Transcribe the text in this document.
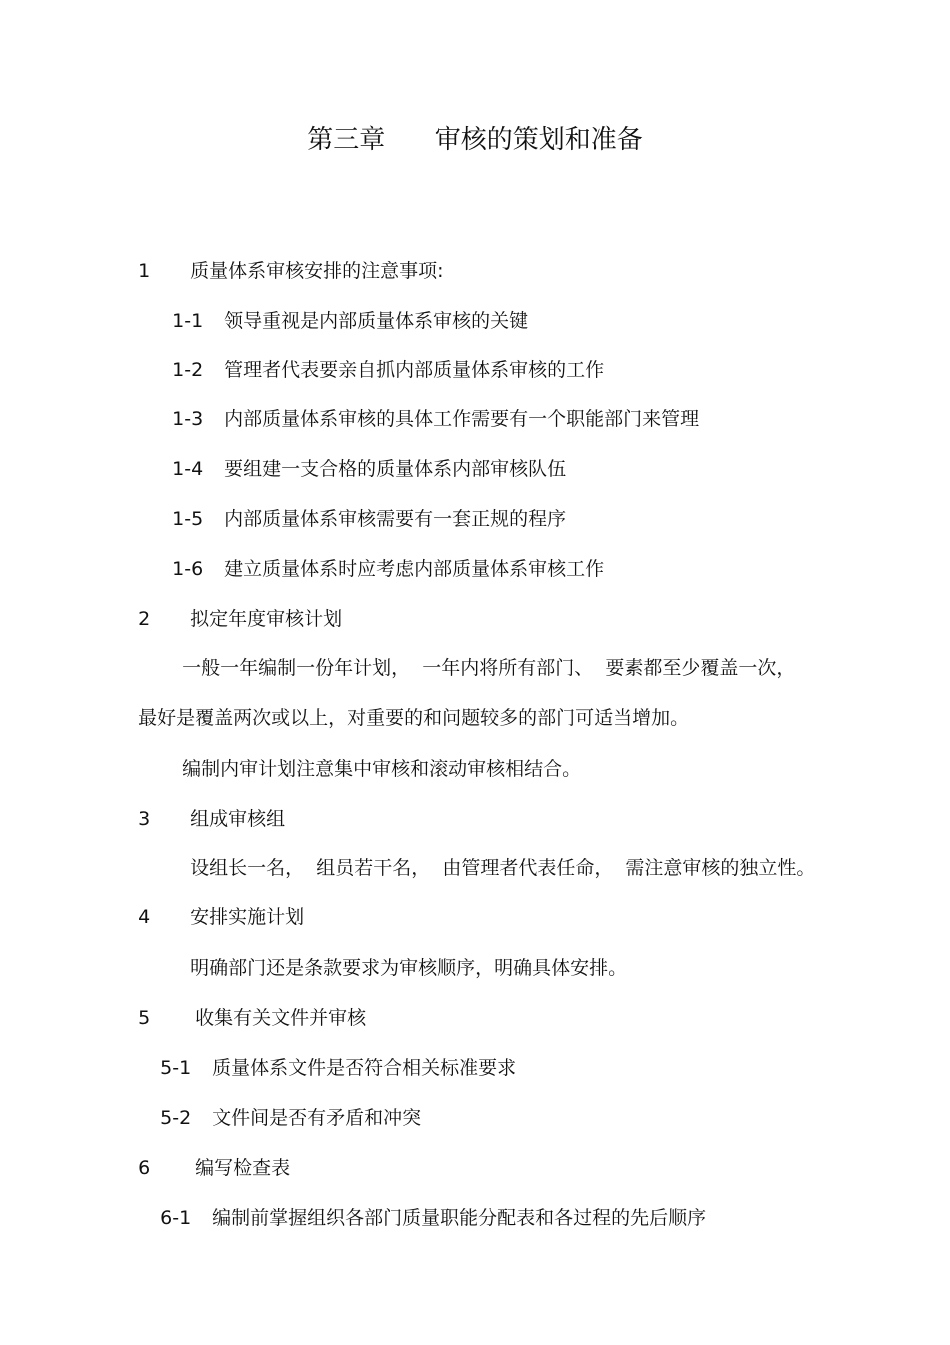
第三章 审核的策划和准备

1 质量体系审核安排的注意事项:

1-1 领导重视是内部质量体系审核的关键

1-2 管理者代表要亲自抓内部质量体系审核的工作

1-3 内部质量体系审核的具体工作需要有一个职能部门来管理

1-4 要组建一支合格的质量体系内部审核队伍

1-5 内部质量体系审核需要有一套正规的程序

1-6 建立质量体系时应考虑内部质量体系审核工作

2 拟定年度审核计划

一般一年编制一份年计划，  一年内将所有部门、  要素都至少覆盖一次，

最好是覆盖两次或以上，对重要的和问题较多的部门可适当增加。

编制内审计划注意集中审核和滚动审核相结合。

3 组成审核组

设组长一名，  组员若干名，  由管理者代表任命，  需注意审核的独立性。

4 安排实施计划

明确部门还是条款要求为审核顺序，明确具体安排。

5 收集有关文件并审核

5-1 质量体系文件是否符合相关标准要求

5-2 文件间是否有矛盾和冲突

6 编写检查表

6-1 编制前掌握组织各部门质量职能分配表和各过程的先后顺序
